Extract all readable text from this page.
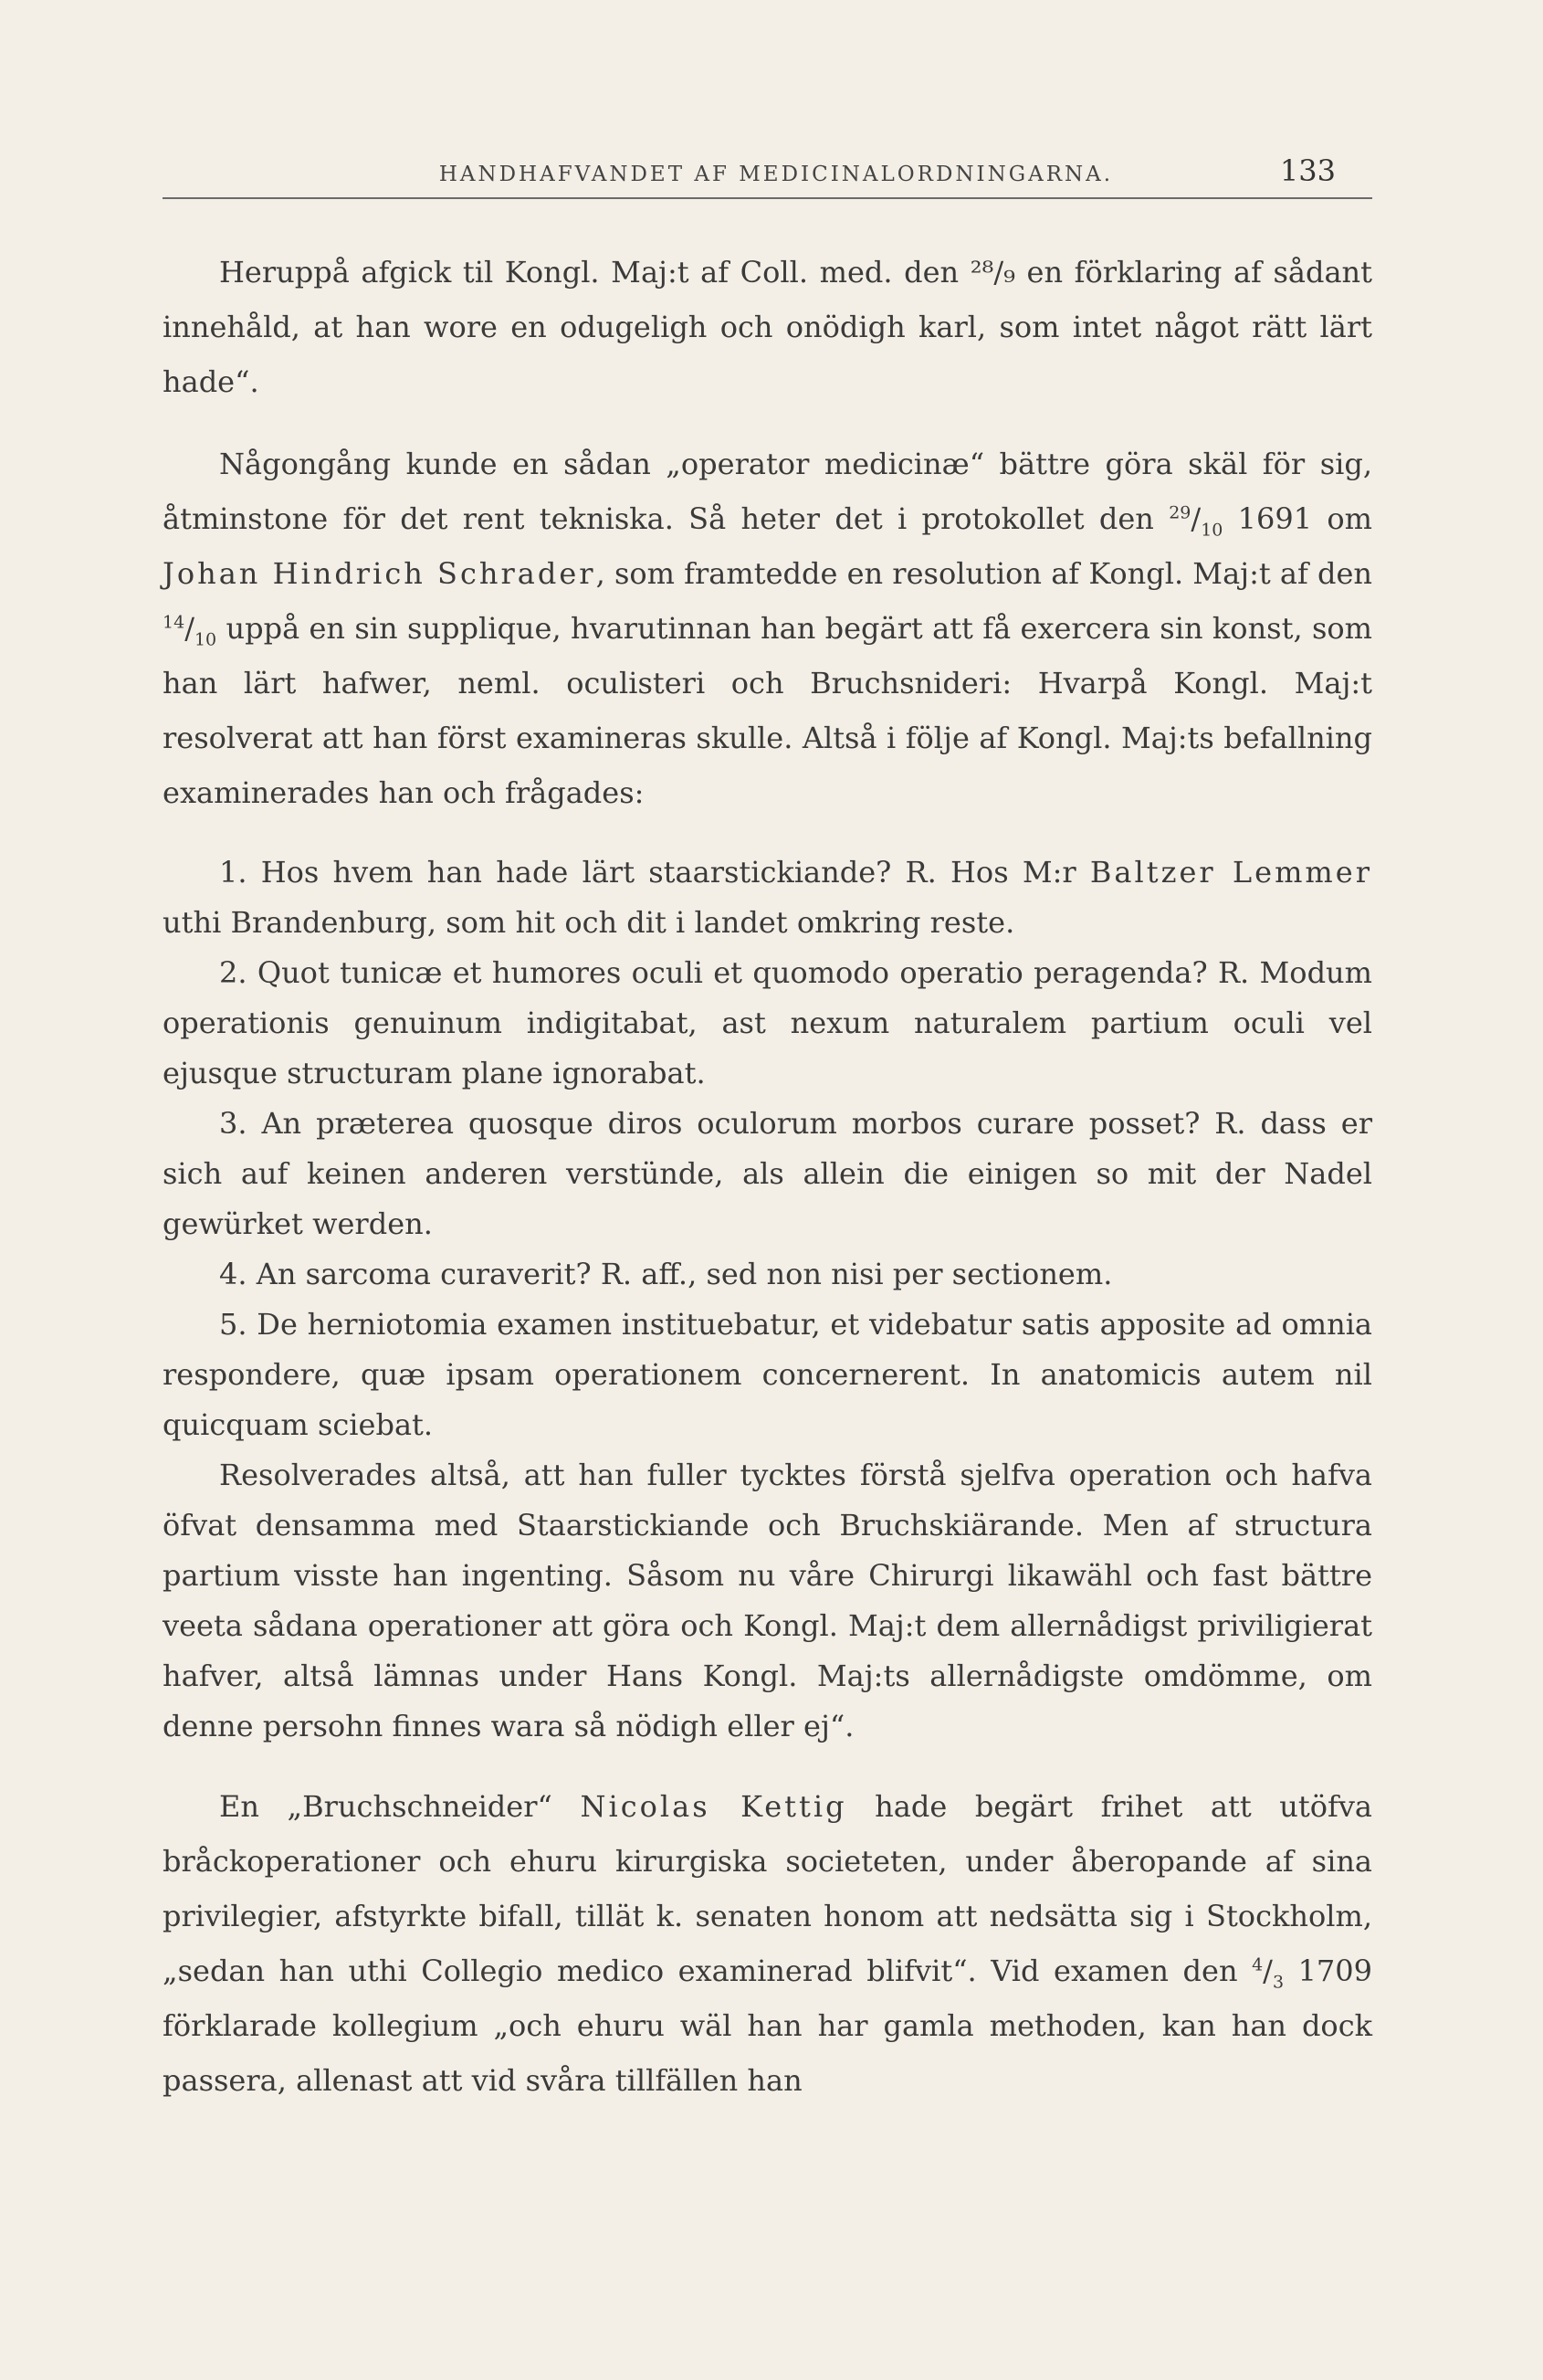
HANDHAFVANDET AF MEDICINALORDNINGARNA.	133

Heruppå afgick til Kongl. Maj:t af Coll. med. den ²⁸/₉ en förklaring af sådant innehåld, at han wore en odugeligh och onödigh karl, som intet något rätt lärt hade“.

Någongång kunde en sådan „operator medicinæ“ bättre göra skäl för sig, åtminstone för det rent tekniska. Så heter det i protokollet den $^{29}/_{10}$ 1691 om Johan Hindrich Schrader, som framtedde en resolution af Kongl. Maj:t af den $^{14}/_{10}$ uppå en sin supplique, hvarutinnan han begärt att få exercera sin konst, som han lärt hafwer, neml. oculisteri och Bruchsnideri: Hvarpå Kongl. Maj:t resolverat att han först examineras skulle. Altså i följe af Kongl. Maj:ts befallning examinerades han och frågades:

1. Hos hvem han hade lärt staarstickiande? R. Hos M:r Baltzer Lemmer uthi Brandenburg, som hit och dit i landet omkring reste.

2. Quot tunicæ et humores oculi et quomodo operatio peragenda? R. Modum operationis genuinum indigitabat, ast nexum naturalem partium oculi vel ejusque structuram plane ignorabat.

3. An præterea quosque diros oculorum morbos curare posset? R. dass er sich auf keinen anderen verstünde, als allein die einigen so mit der Nadel gewürket werden.

4. An sarcoma curaverit? R. aff., sed non nisi per sectionem.

5. De herniotomia examen instituebatur, et videbatur satis apposite ad omnia respondere, quæ ipsam operationem concernerent. In anatomicis autem nil quicquam sciebat.

Resolverades altså, att han fuller tycktes förstå sjelfva operation och hafva öfvat densamma med Staarstickiande och Bruchskiärande. Men af structura partium visste han ingenting. Såsom nu våre Chirurgi likawähl och fast bättre veeta sådana operationer att göra och Kongl. Maj:t dem allernådigst priviligierat hafver, altså lämnas under Hans Kongl. Maj:ts allernådigste omdömme, om denne persohn finnes wara så nödigh eller ej“.

En „Bruchschneider“ Nicolas Kettig hade begärt frihet att utöfva bråckoperationer och ehuru kirurgiska societeten, under åberopande af sina privilegier, afstyrkte bifall, tillät k. senaten honom att nedsätta sig i Stockholm, „sedan han uthi Collegio medico examinerad blifvit“. Vid examen den $^4/_3$ 1709 förklarade kollegium „och ehuru wäl han har gamla methoden, kan han dock passera, allenast att vid svåra tillfällen han
